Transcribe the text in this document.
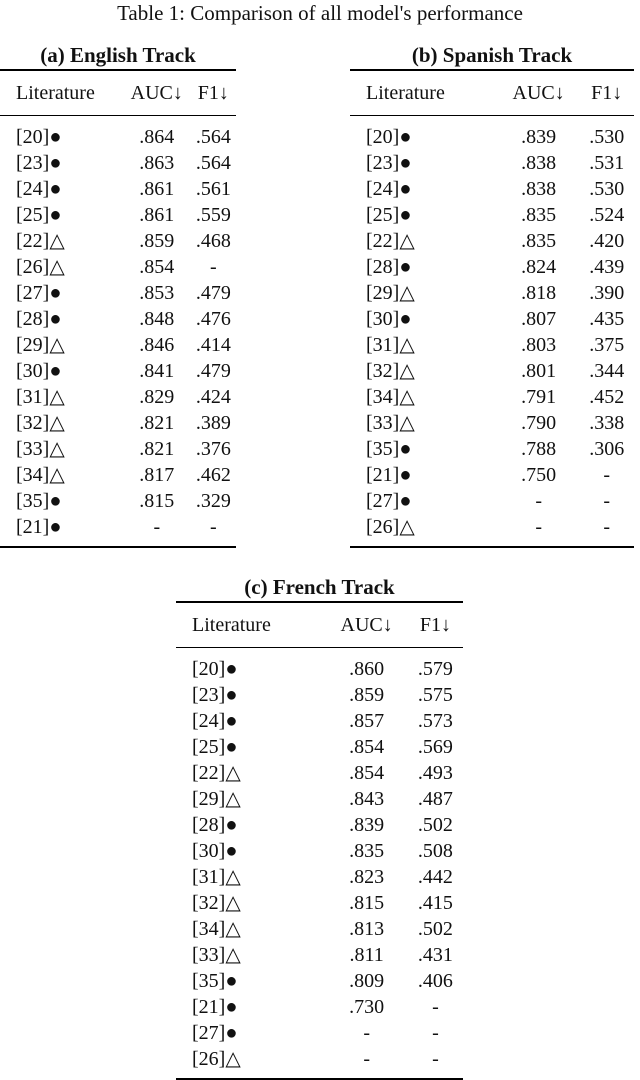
Table 1: Comparison of all model's performance
(a) English Track
Literature	AUC↓	F1↓
[20]●	.864	.564
[23]●	.863	.564
[24]●	.861	.561
[25]●	.861	.559
[22]△	.859	.468
[26]△	.854	-
[27]●	.853	.479
[28]●	.848	.476
[29]△	.846	.414
[30]●	.841	.479
[31]△	.829	.424
[32]△	.821	.389
[33]△	.821	.376
[34]△	.817	.462
[35]●	.815	.329
[21]●	-	-
(b) Spanish Track
Literature	AUC↓	F1↓
[20]●	.839	.530
[23]●	.838	.531
[24]●	.838	.530
[25]●	.835	.524
[22]△	.835	.420
[28]●	.824	.439
[29]△	.818	.390
[30]●	.807	.435
[31]△	.803	.375
[32]△	.801	.344
[34]△	.791	.452
[33]△	.790	.338
[35]●	.788	.306
[21]●	.750	-
[27]●	-	-
[26]△	-	-
(c) French Track
Literature	AUC↓	F1↓
[20]●	.860	.579
[23]●	.859	.575
[24]●	.857	.573
[25]●	.854	.569
[22]△	.854	.493
[29]△	.843	.487
[28]●	.839	.502
[30]●	.835	.508
[31]△	.823	.442
[32]△	.815	.415
[34]△	.813	.502
[33]△	.811	.431
[35]●	.809	.406
[21]●	.730	-
[27]●	-	-
[26]△	-	-
